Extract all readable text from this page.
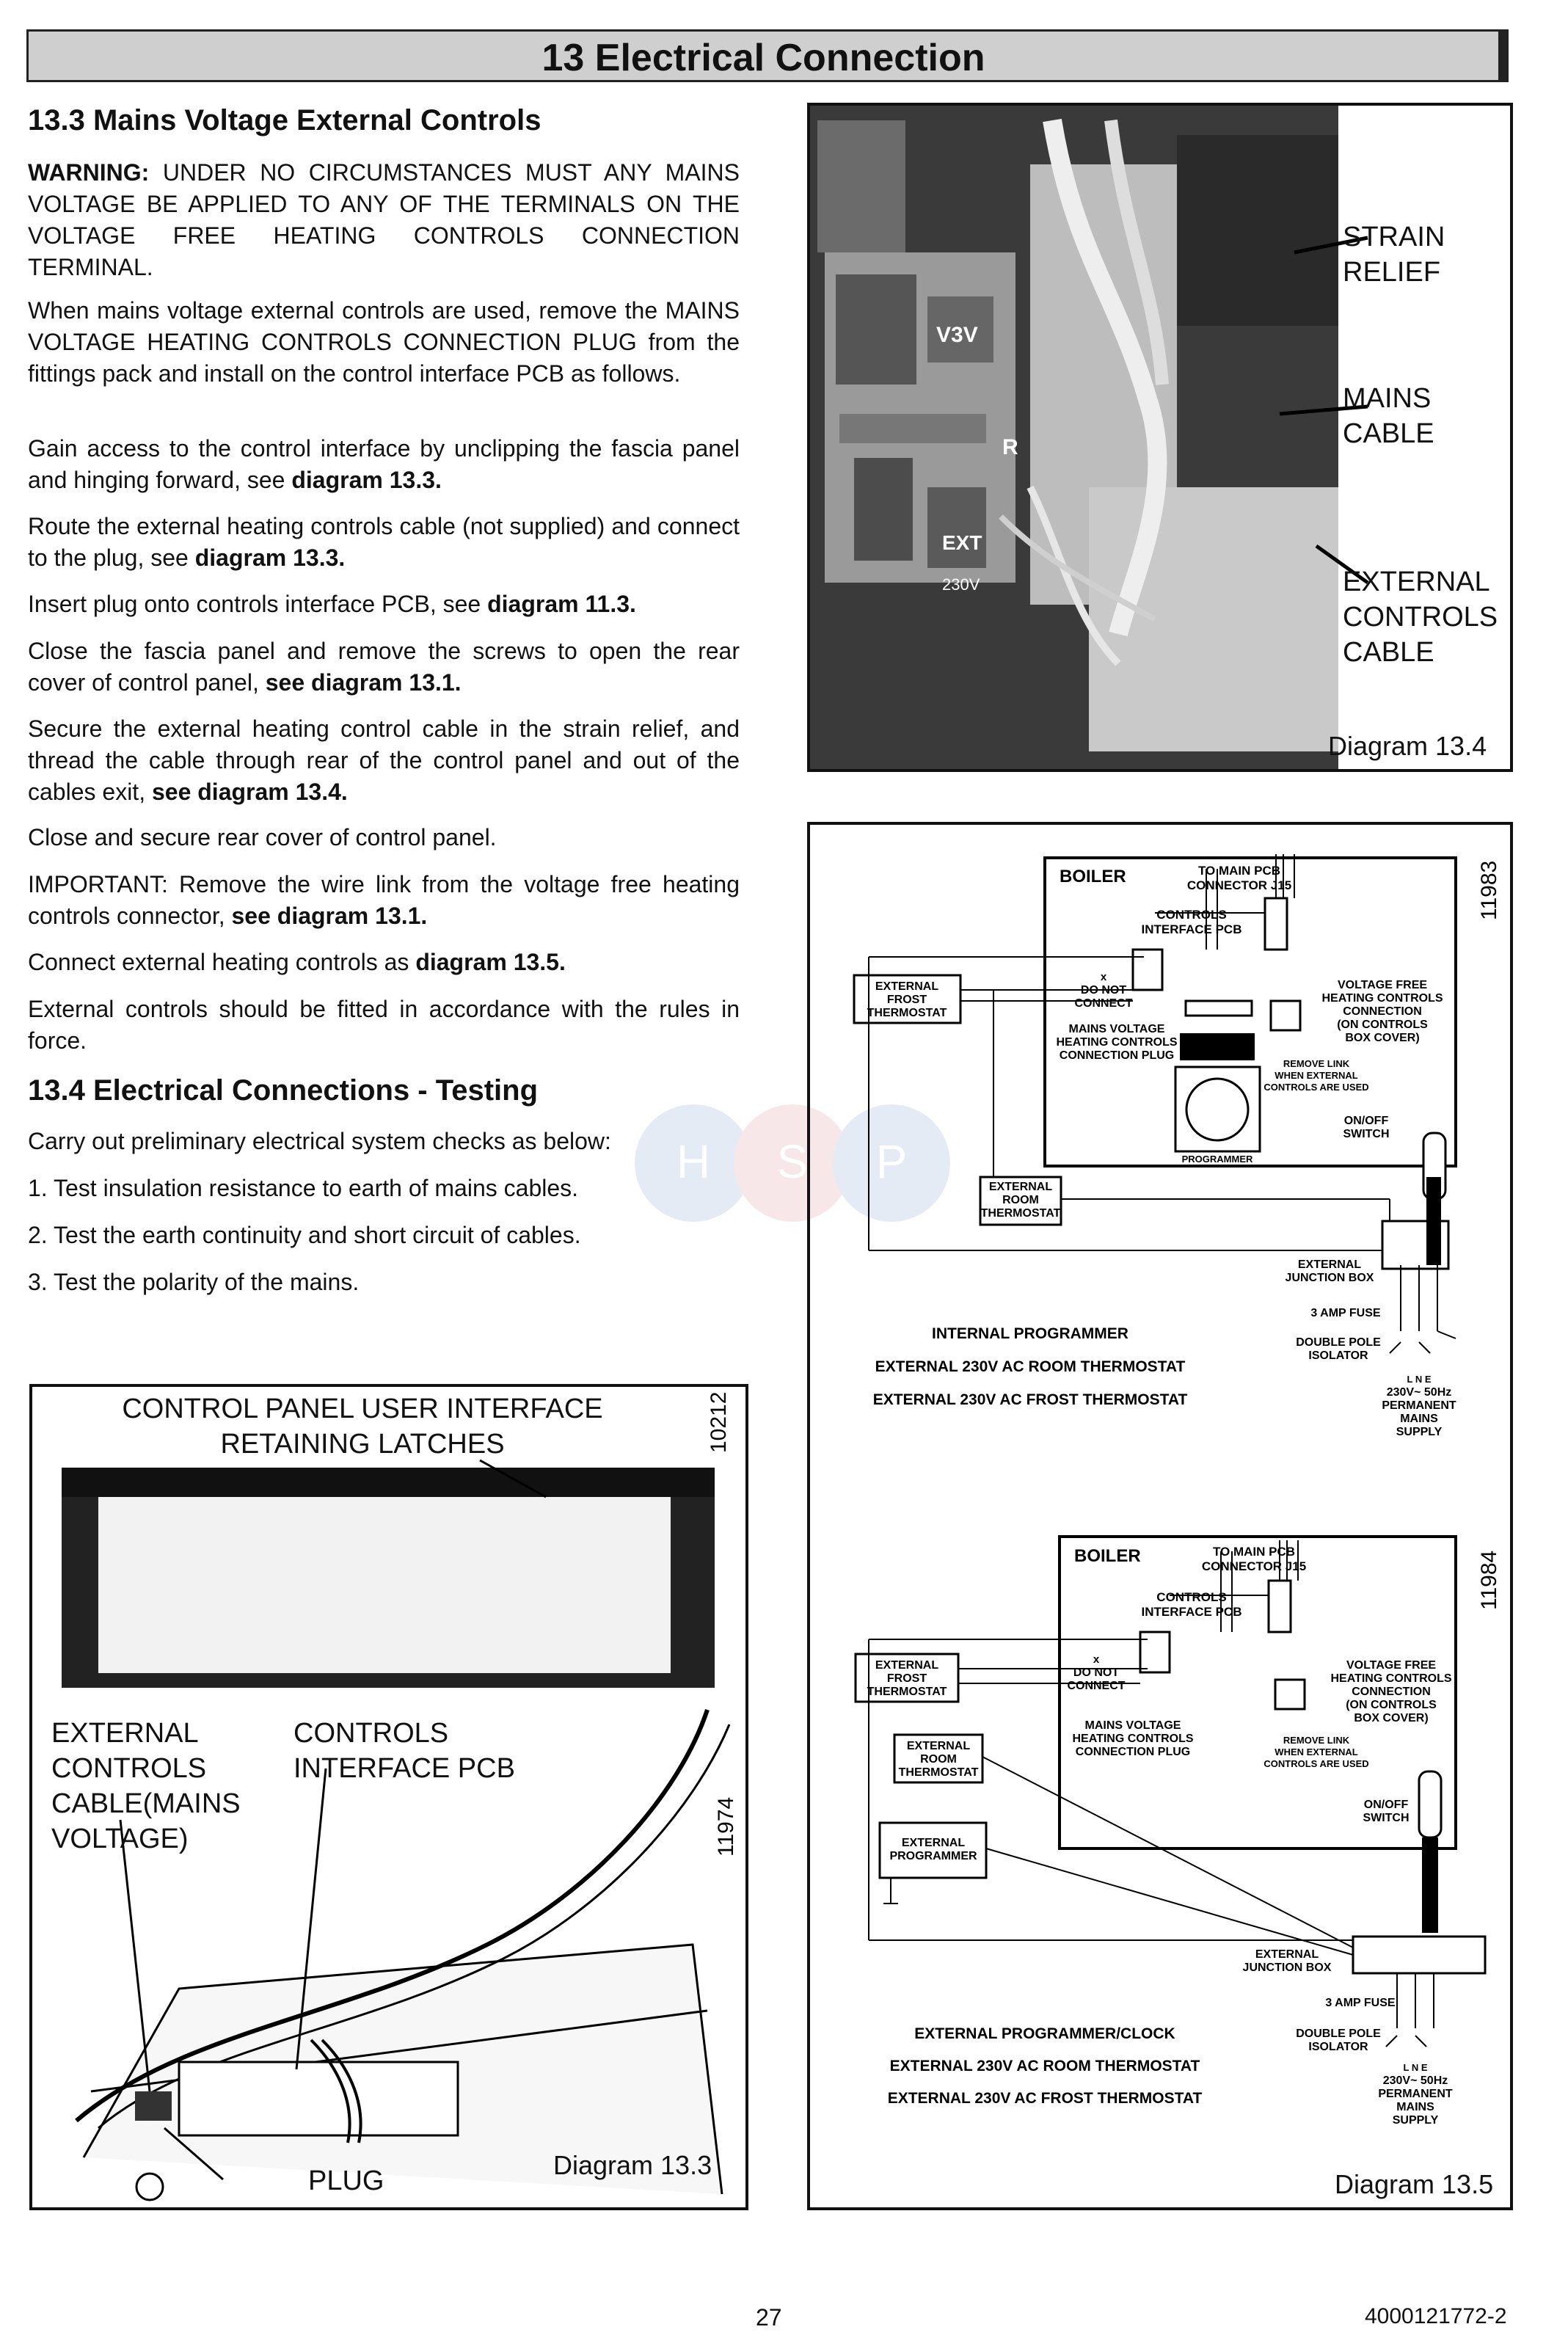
13 Electrical Connection
H S P
13.3 Mains Voltage External Controls
WARNING: UNDER NO CIRCUMSTANCES MUST ANY MAINS VOLTAGE BE APPLIED TO ANY OF THE TERMINALS ON THE VOLTAGE FREE HEATING CONTROLS CONNECTION TERMINAL.
When mains voltage external controls are used, remove the MAINS VOLTAGE HEATING CONTROLS CONNECTION PLUG from the fittings pack and install on the control interface PCB as follows.
Gain access to the control interface by unclipping the fascia panel and hinging forward, see diagram 13.3.
Route the external heating controls cable (not supplied) and connect to the plug, see diagram 13.3.
Insert plug onto controls interface PCB, see diagram 11.3.
Close the fascia panel and remove the screws to open the rear cover of control panel, see diagram 13.1.
Secure the external heating control cable in the strain relief, and thread the cable through rear of the control panel and out of the cables exit, see diagram 13.4.
Close and secure rear cover of control panel.
IMPORTANT: Remove the wire link from the voltage free heating controls connector, see diagram 13.1.
Connect external heating controls as diagram 13.5.
External controls should be fitted in accordance with the rules in force.
13.4 Electrical Connections - Testing
Carry out preliminary electrical system checks as below:
1. Test insulation resistance to earth of mains cables.
2. Test the earth continuity and short circuit of cables.
3. Test the polarity of the mains.
V3V
R
EXT
230V
STRAIN
RELIEF
MAINS
CABLE
EXTERNAL
CONTROLS
CABLE
Diagram 13.4
CONTROL PANEL USER INTERFACE
RETAINING LATCHES	10212
11974
EXTERNAL
CONTROLS
CABLE(MAINS
VOLTAGE)
CONTROLS
INTERFACE PCB
PLUG
Diagram 13.3
11983
BOILER	TO MAIN PCB
CONNECTOR J15
CONTROLS
INTERFACE PCB
EXTERNAL
FROST
THERMOSTAT
x
DO NOT
CONNECT
MAINS VOLTAGE
HEATING CONTROLS
CONNECTION PLUG
VOLTAGE FREE
HEATING CONTROLS
CONNECTION
(ON CONTROLS
BOX COVER)
REMOVE LINK
WHEN EXTERNAL
CONTROLS ARE USED
PROGRAMMER
ON/OFF
SWITCH
EXTERNAL
ROOM
THERMOSTAT
EXTERNAL
JUNCTION BOX
3 AMP FUSE
DOUBLE POLE
ISOLATOR
L N E
230V~ 50Hz
PERMANENT
MAINS
SUPPLY
INTERNAL PROGRAMMER
EXTERNAL 230V AC ROOM THERMOSTAT
EXTERNAL 230V AC FROST THERMOSTAT
11984
BOILER	TO MAIN PCB
CONNECTOR J15
CONTROLS
INTERFACE PCB
EXTERNAL
FROST
THERMOSTAT
x
DO NOT
CONNECT
MAINS VOLTAGE
HEATING CONTROLS
CONNECTION PLUG
VOLTAGE FREE
HEATING CONTROLS
CONNECTION
(ON CONTROLS
BOX COVER)
REMOVE LINK
WHEN EXTERNAL
CONTROLS ARE USED
EXTERNAL
ROOM
THERMOSTAT
EXTERNAL
PROGRAMMER
ON/OFF
SWITCH
EXTERNAL
JUNCTION BOX
3 AMP FUSE
DOUBLE POLE
ISOLATOR
L N E
230V~ 50Hz
PERMANENT
MAINS
SUPPLY
EXTERNAL PROGRAMMER/CLOCK
EXTERNAL 230V AC ROOM THERMOSTAT
EXTERNAL 230V AC FROST THERMOSTAT
Diagram 13.5
27	4000121772-2
